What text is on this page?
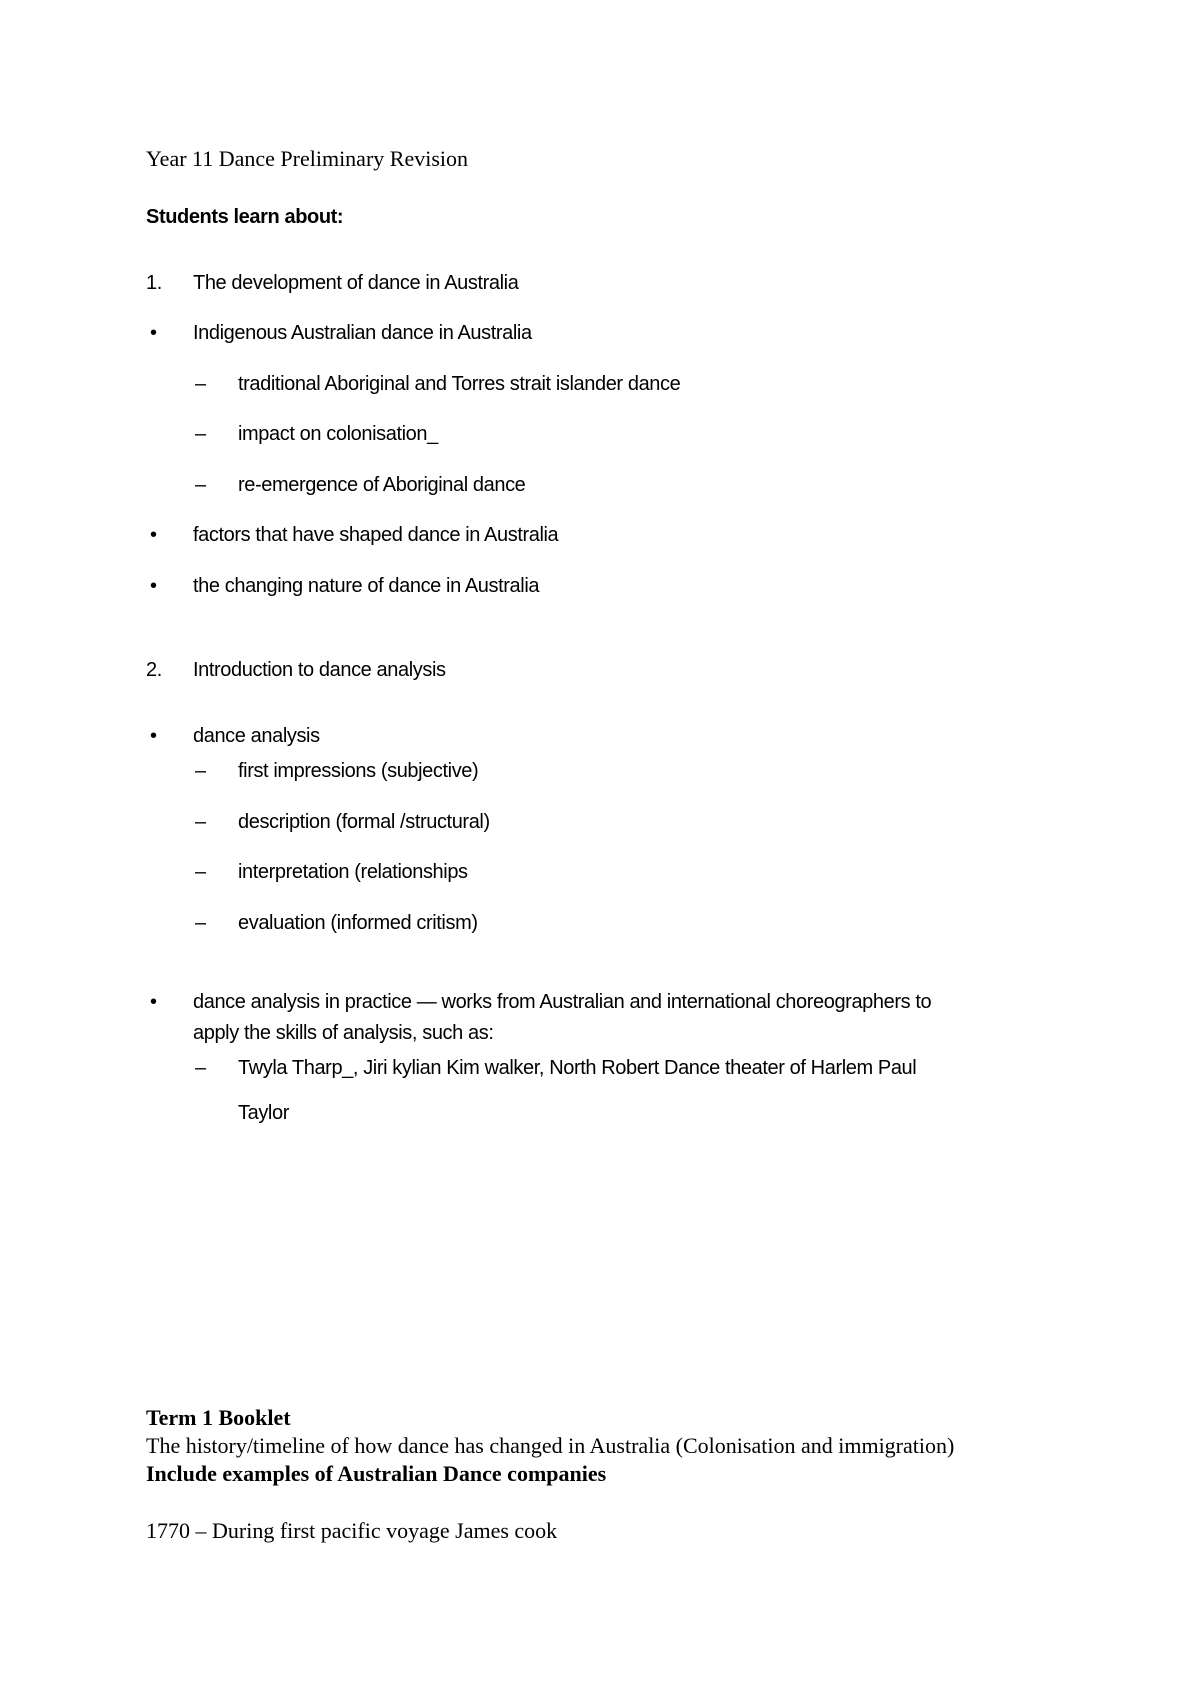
Year 11 Dance Preliminary Revision
Students learn about:
1. The development of dance in Australia
• Indigenous Australian dance in Australia
– traditional Aboriginal and Torres strait islander dance
– impact on colonisation_
– re-emergence of Aboriginal dance
• factors that have shaped dance in Australia
• the changing nature of dance in Australia
2. Introduction to dance analysis
• dance analysis
– first impressions (subjective)
– description (formal /structural)
– interpretation (relationships
– evaluation (informed critism)
• dance analysis in practice — works from Australian and international choreographers to
apply the skills of analysis, such as:
– Twyla Tharp_, Jiri kylian Kim walker, North Robert Dance theater of Harlem Paul
Taylor
Term 1 Booklet
The history/timeline of how dance has changed in Australia (Colonisation and immigration)
Include examples of Australian Dance companies
1770 – During first pacific voyage James cook
